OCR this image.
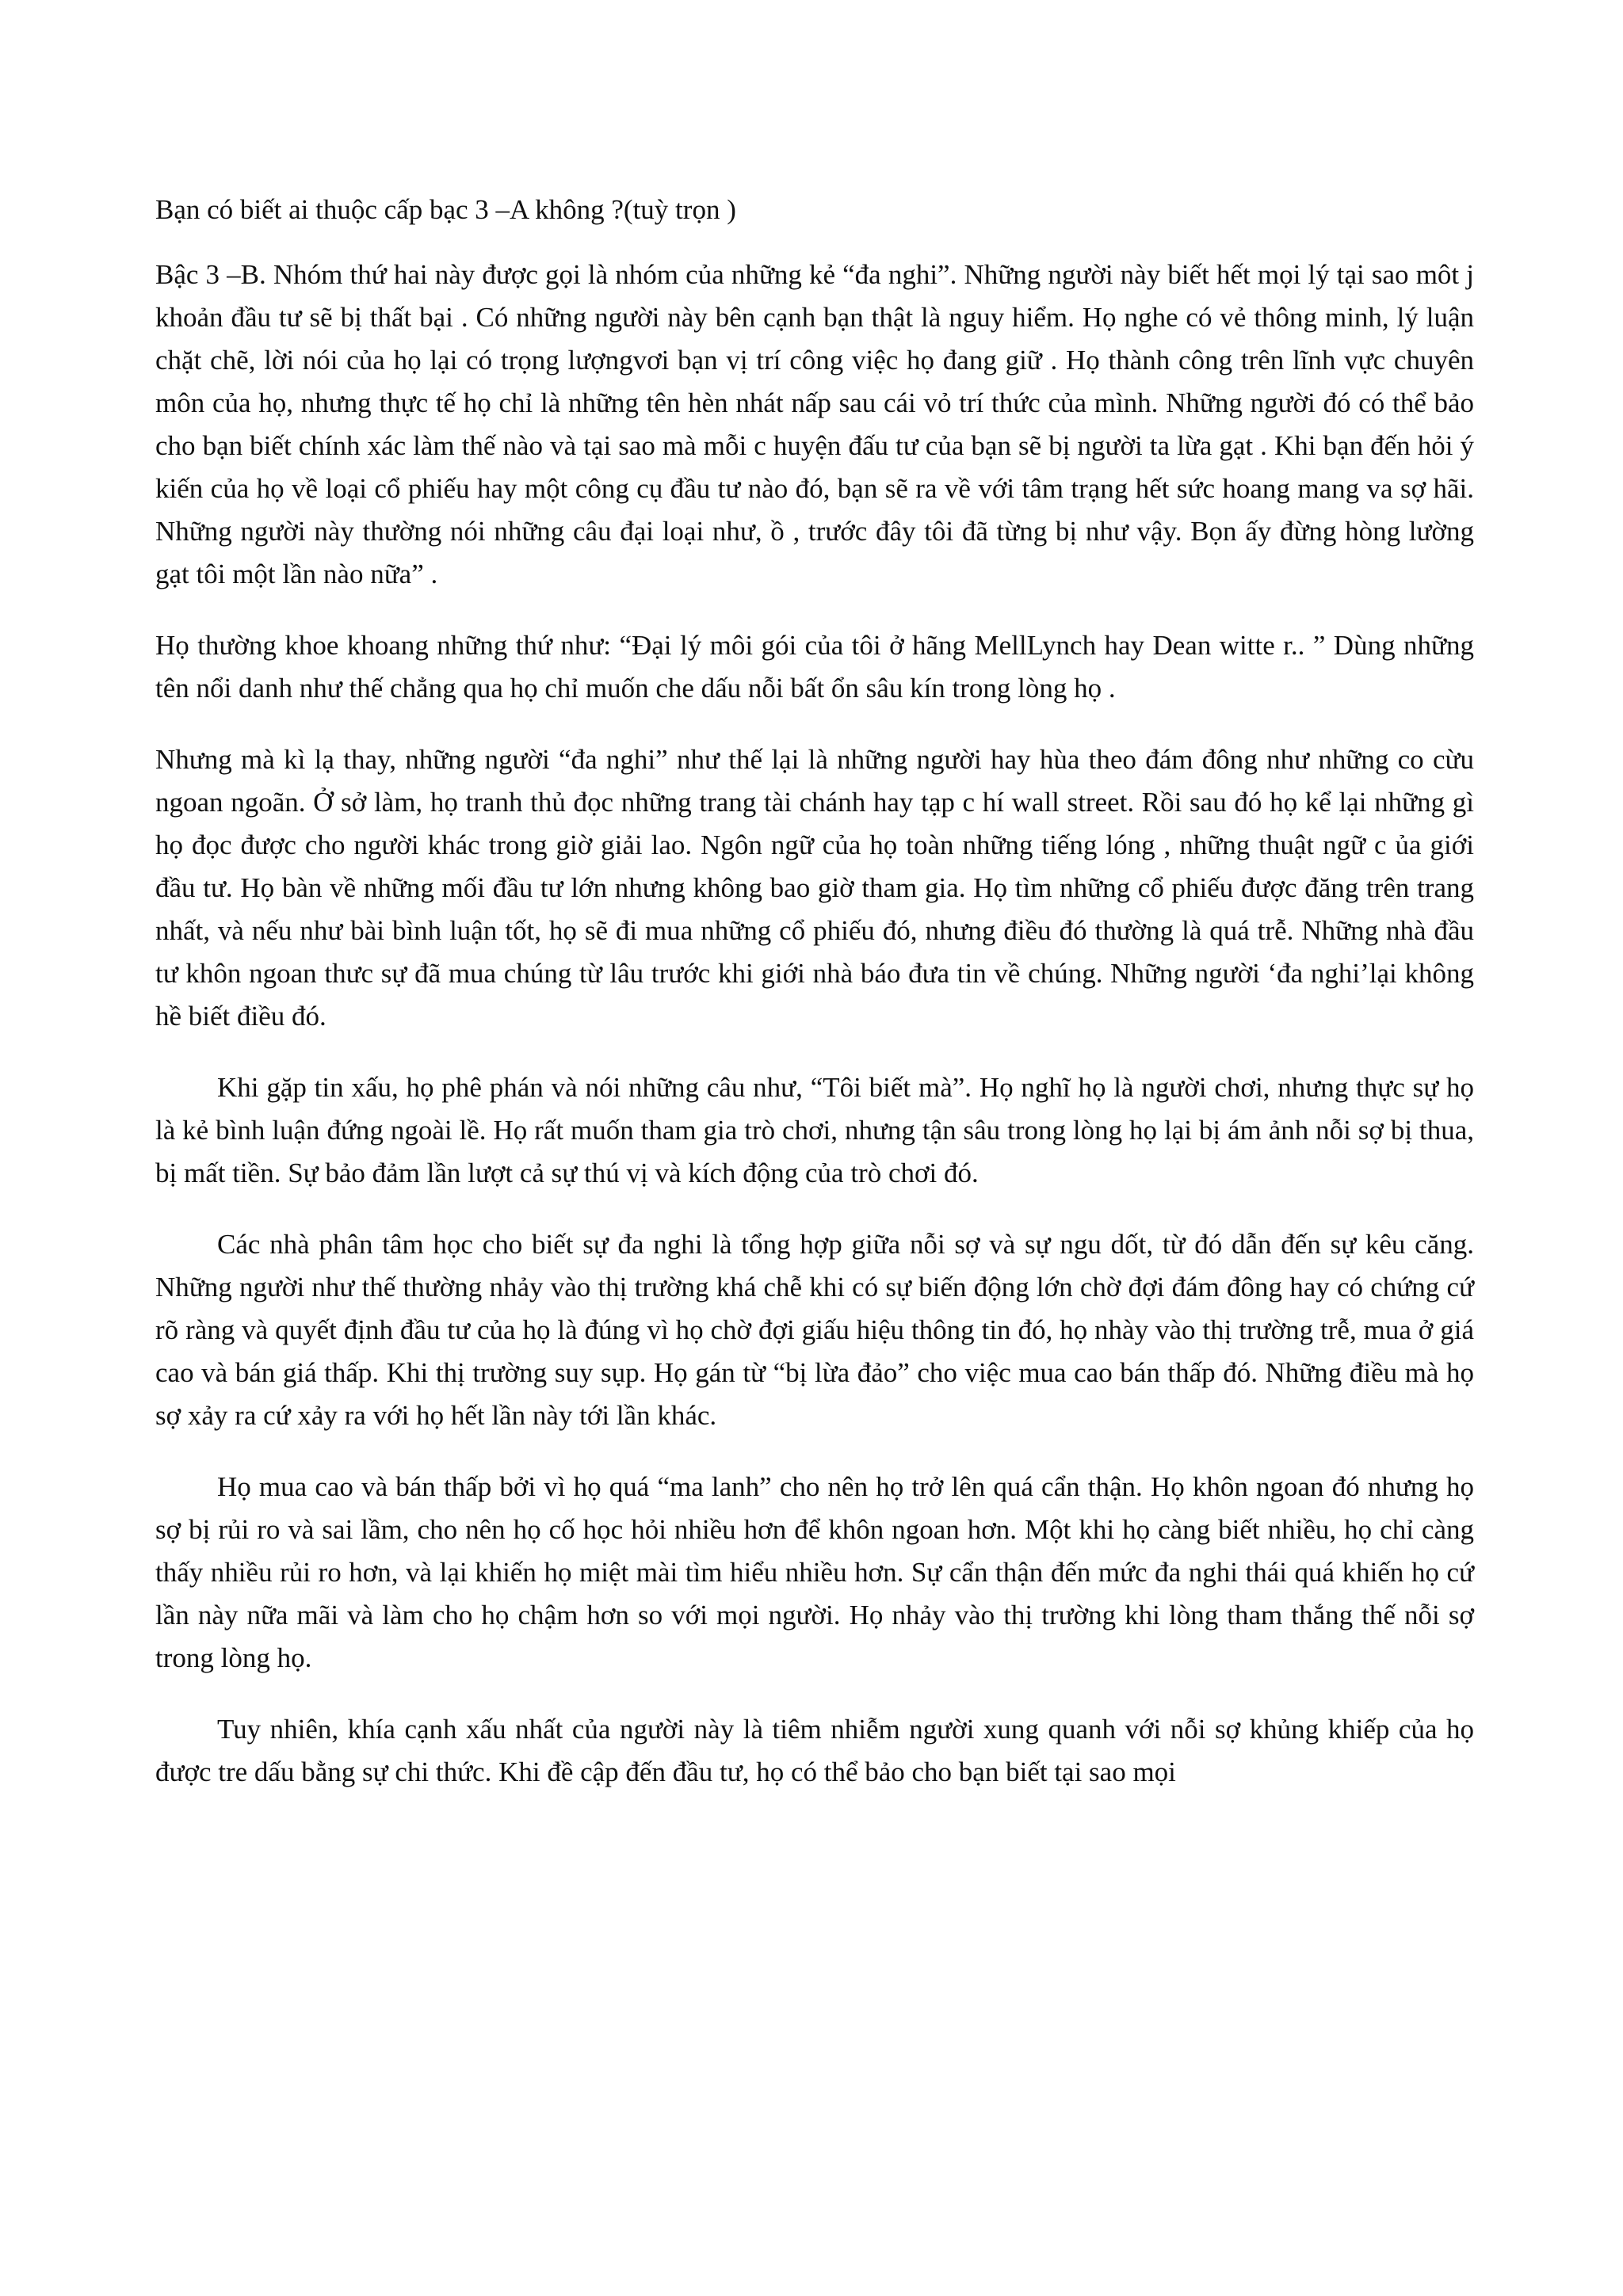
Bạn có biết ai thuộc cấp bạc 3 –A không ?(tuỳ trọn )

Bậc 3 –B. Nhóm thứ hai này được gọi là nhóm của những kẻ “đa nghi”. Những người này biết hết mọi lý tại sao môt j khoản đầu tư sẽ bị thất bại . Có những người này bên cạnh bạn thật là nguy hiểm. Họ nghe có vẻ thông minh, lý luận chặt chẽ, lời nói của họ lại có trọng lượngvơi bạn vị trí công việc họ đang giữ . Họ thành công trên lĩnh vực chuyên môn của họ, nhưng thực tế họ chỉ là những tên hèn nhát nấp sau cái vỏ trí thức của mình. Những người đó có thể bảo cho bạn biết chính xác làm thế nào và tại sao mà mỗi c huyện đấu tư của bạn sẽ bị người ta lừa gạt . Khi bạn đến hỏi ý kiến của họ về loại cổ phiếu hay một công cụ đầu tư nào đó, bạn sẽ ra về với tâm trạng hết sức hoang mang va sợ hãi. Những người này thường nói những câu đại loại như, ồ , trước đây tôi đã từng bị như vậy. Bọn ấy đừng hòng lường gạt tôi một lần nào nữa” .

Họ thường khoe khoang những thứ như: “Đại lý môi gói của tôi ở hãng MellLynch hay Dean witte r.. ” Dùng những tên nổi danh như thế chẳng qua họ chỉ muốn che dấu nỗi bất ổn sâu kín trong lòng họ .

Nhưng mà kì lạ thay, những người “đa nghi” như thế lại là những người hay hùa theo đám đông như những co cừu ngoan ngoãn. Ở sở làm, họ tranh thủ đọc những trang tài chánh hay tạp c hí wall street. Rồi sau đó họ kể lại những gì họ đọc được cho người khác trong giờ giải lao. Ngôn ngữ của họ toàn những tiếng lóng , những thuật ngữ c ủa giới đầu tư. Họ bàn về những mối đầu tư lớn nhưng không bao giờ tham gia. Họ tìm những cổ phiếu được đăng trên trang nhất, và nếu như bài bình luận tốt, họ sẽ đi mua những cổ phiếu đó, nhưng điều đó thường là quá trễ. Những nhà đầu tư khôn ngoan thưc sự đã mua chúng từ lâu trước khi giới nhà báo đưa tin về chúng. Những người ‘đa nghi’lại không hề biết điều đó.

Khi gặp tin xấu, họ phê phán và nói những câu như, “Tôi biết mà”. Họ nghĩ họ là người chơi, nhưng thực sự họ là kẻ bình luận đứng ngoài lề. Họ rất muốn tham gia trò chơi, nhưng tận sâu trong lòng họ lại bị ám ảnh nỗi sợ bị thua, bị mất tiền. Sự bảo đảm lần lượt cả sự thú vị và kích động của trò chơi đó.

Các nhà phân tâm học cho biết sự đa nghi là tổng hợp giữa nỗi sợ và sự ngu dốt, từ đó dẫn đến sự kêu căng. Những người như thế thường nhảy vào thị trường khá chễ khi có sự biến động lớn chờ đợi đám đông hay có chứng cứ rõ ràng và quyết định đầu tư của họ là đúng vì họ chờ đợi giấu hiệu thông tin đó, họ nhày vào thị trường trễ, mua ở giá cao và bán giá thấp. Khi thị trường suy sụp. Họ gán từ “bị lừa đảo” cho việc mua cao bán thấp đó. Những điều mà họ sợ xảy ra cứ xảy ra với họ hết lần này tới lần khác.

Họ mua cao và bán thấp bởi vì họ quá “ma lanh” cho nên họ trở lên quá cẩn thận. Họ khôn ngoan đó nhưng họ sợ bị rủi ro và sai lầm, cho nên họ cố học hỏi nhiều hơn để khôn ngoan hơn. Một khi họ càng biết nhiều, họ chỉ càng thấy nhiều rủi ro hơn, và lại khiến họ miệt mài tìm hiểu nhiều hơn. Sự cẩn thận đến mức đa nghi thái quá khiến họ cứ lần này nữa mãi và làm cho họ chậm hơn so với mọi người. Họ nhảy vào thị trường khi lòng tham thắng thế nỗi sợ trong lòng họ.

Tuy nhiên, khía cạnh xấu nhất của người này là tiêm nhiễm người xung quanh với nỗi sợ khủng khiếp của họ được tre dấu bằng sự chi thức. Khi đề cập đến đầu tư, họ có thể bảo cho bạn biết tại sao mọi
